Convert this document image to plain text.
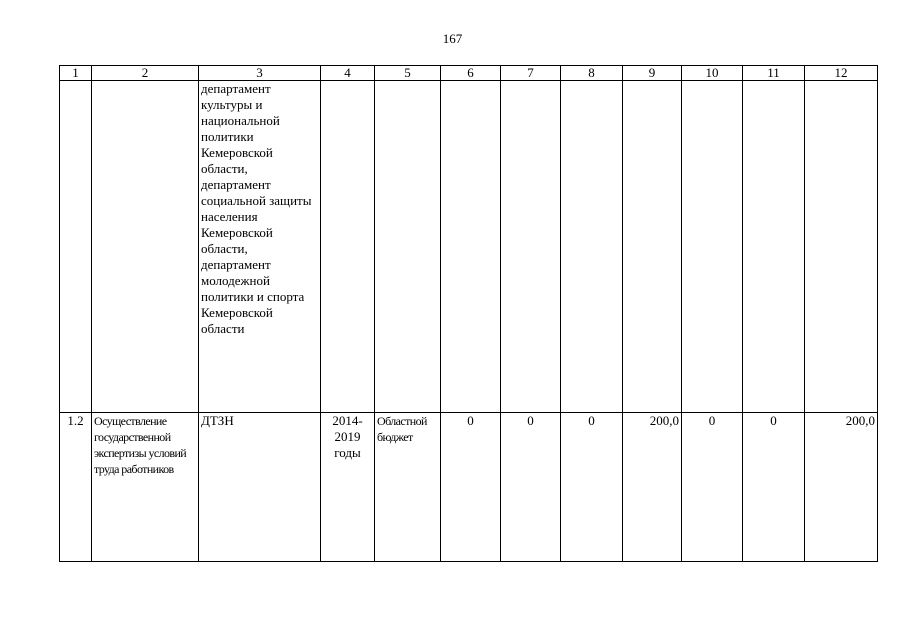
167
1	2	3	4	5	6	7	8	9	10	11	12

		департамент культуры и национальной политики Кемеровской области, департамент социальной защиты населения Кемеровской области, департамент молодежной политики и спорта Кемеровской области									

1.2	Осуществление государственной экспертизы условий труда работников	ДТЗН	2014-2019 годы	Областной бюджет	0	0	0	200,0	0	0	200,0
